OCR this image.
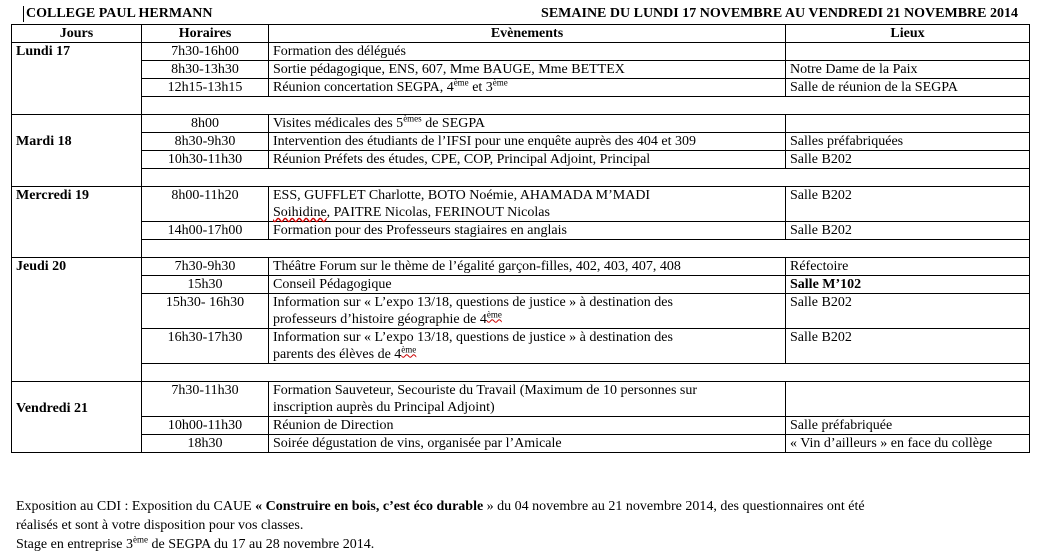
COLLEGE PAUL HERMANN	SEMAINE DU LUNDI 17 NOVEMBRE AU VENDREDI 21 NOVEMBRE 2014
Jours	Horaires	Evènements	Lieux
Lundi 17	7h30-16h00	Formation des délégués	
	8h30-13h30	Sortie pédagogique, ENS, 607, Mme BAUGE, Mme BETTEX	Notre Dame de la Paix
	12h15-13h15	Réunion concertation SEGPA, 4ème et 3ème	Salle de réunion de la SEGPA

Mardi 18	8h00	Visites médicales des 5èmes de SEGPA	
	8h30-9h30	Intervention des étudiants de l’IFSI pour une enquête auprès des 404 et 309	Salles préfabriquées
	10h30-11h30	Réunion Préfets des études, CPE, COP, Principal Adjoint, Principal	Salle B202

Mercredi 19	8h00-11h20	ESS, GUFFLET Charlotte, BOTO Noémie, AHAMADA M’MADI
Soihidine, PAITRE Nicolas, FERINOUT Nicolas	Salle B202
	14h00-17h00	Formation pour des Professeurs stagiaires en anglais	Salle B202

Jeudi 20	7h30-9h30	Théâtre Forum sur le thème de l’égalité garçon-filles, 402, 403, 407, 408	Réfectoire
	15h30	Conseil Pédagogique	Salle M’102
	15h30- 16h30	Information sur « L’expo 13/18, questions de justice » à destination des
professeurs d’histoire géographie de 4ème	Salle B202
	16h30-17h30	Information sur « L’expo 13/18, questions de justice » à destination des
parents des élèves de 4ème	Salle B202

Vendredi 21	7h30-11h30	Formation Sauveteur, Secouriste du Travail (Maximum de 10 personnes sur
inscription auprès du Principal Adjoint)	
	10h00-11h30	Réunion de Direction	Salle préfabriquée
	18h30	Soirée dégustation de vins, organisée par l’Amicale	« Vin d’ailleurs » en face du collège
Exposition au CDI : Exposition du CAUE « Construire en bois, c’est éco durable » du 04 novembre au 21 novembre 2014, des questionnaires ont été
réalisés et sont à votre disposition pour vos classes.
Stage en entreprise 3ème de SEGPA du 17 au 28 novembre 2014.
